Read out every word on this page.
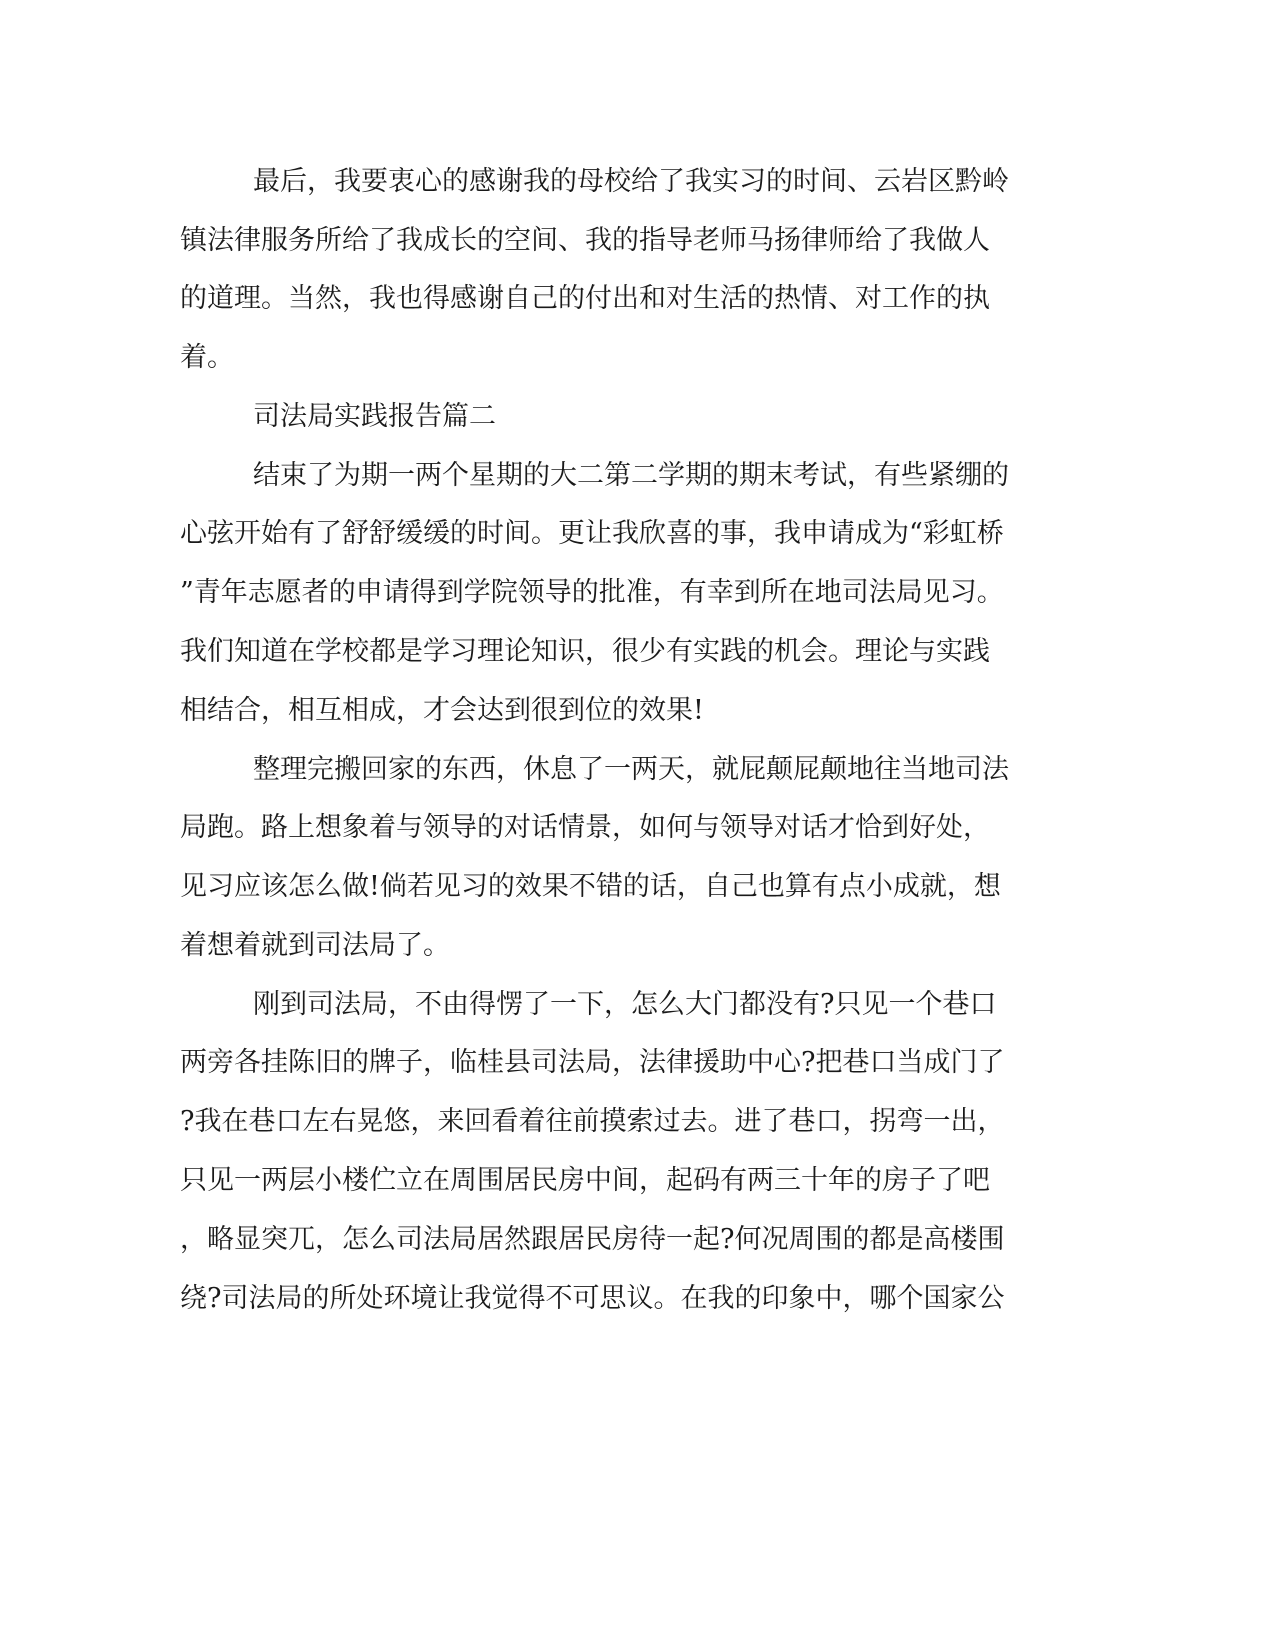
最后，我要衷心的感谢我的母校给了我实习的时间、云岩区黔岭
镇法律服务所给了我成长的空间、我的指导老师马扬律师给了我做人
的道理。当然，我也得感谢自己的付出和对生活的热情、对工作的执
着。
司法局实践报告篇二
结束了为期一两个星期的大二第二学期的期末考试，有些紧绷的
心弦开始有了舒舒缓缓的时间。更让我欣喜的事，我申请成为“彩虹桥
”青年志愿者的申请得到学院领导的批准，有幸到所在地司法局见习。
我们知道在学校都是学习理论知识，很少有实践的机会。理论与实践
相结合，相互相成，才会达到很到位的效果!
整理完搬回家的东西，休息了一两天，就屁颠屁颠地往当地司法
局跑。路上想象着与领导的对话情景，如何与领导对话才恰到好处，
见习应该怎么做!倘若见习的效果不错的话，自己也算有点小成就，想
着想着就到司法局了。
刚到司法局，不由得愣了一下，怎么大门都没有?只见一个巷口
两旁各挂陈旧的牌子，临桂县司法局，法律援助中心?把巷口当成门了
?我在巷口左右晃悠，来回看着往前摸索过去。进了巷口，拐弯一出，
只见一两层小楼伫立在周围居民房中间，起码有两三十年的房子了吧
，略显突兀，怎么司法局居然跟居民房待一起?何况周围的都是高楼围
绕?司法局的所处环境让我觉得不可思议。在我的印象中，哪个国家公
